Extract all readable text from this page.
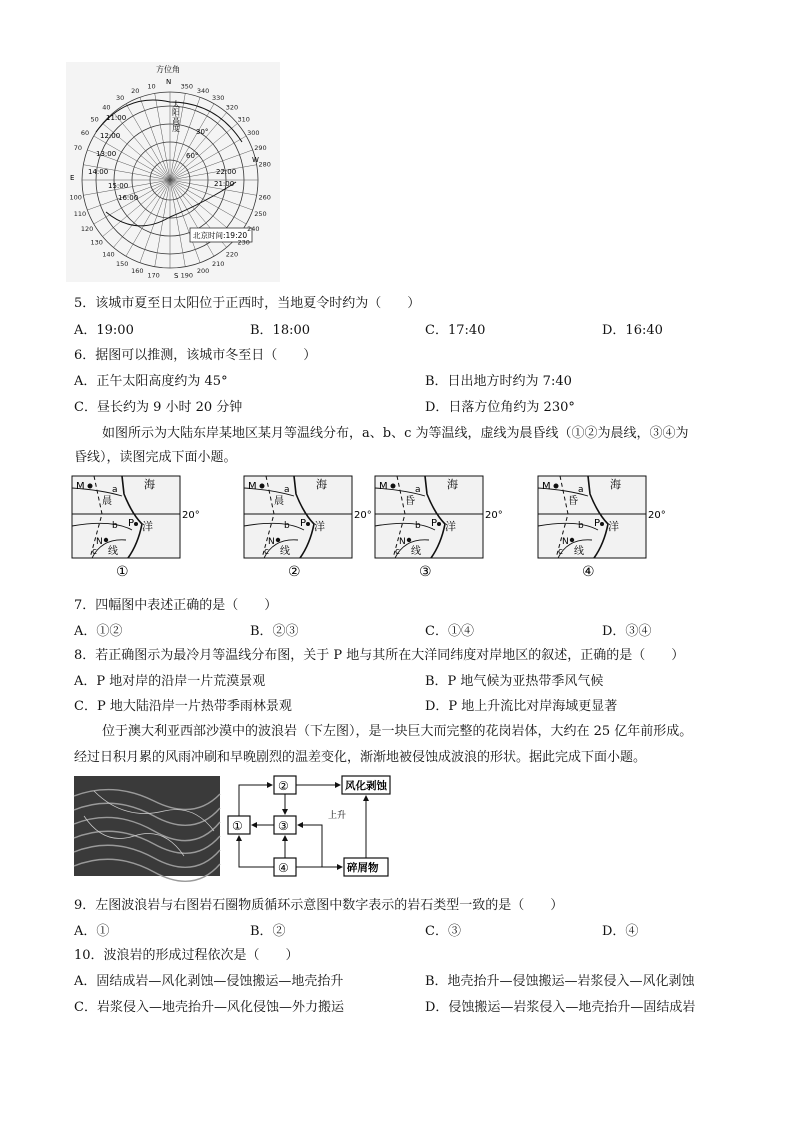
方位角
N
W
E
S
太阳高度 30°
60°
11:00
12:00
13:00
14:00
15:00
16:00
21:00
22:00
北京时间:19:20
350
340
330
320
310
300
10
20
30
40
50
60
70
100
110
120
130
140
150
160
170	190
200
210
220
230
240
250
260
280
290
5．该城市夏至日太阳位于正西时，当地夏令时约为（　　）
A．19:00	B．18:00	C．17:40	D．16:40
6．据图可以推测，该城市冬至日（　　）
A．正午太阳高度约为 45°	B．日出地方时约为 7:40
C．昼长约为 9 小时 20 分钟	D．日落方位角约为 230°
如图所示为大陆东岸某地区某月等温线分布，a、b、c 为等温线，虚线为晨昏线（①②为晨线，③④为
昏线），读图完成下面小题。
M	a
晨
海
洋
20°
P
b
N
c 线
①
M	a
晨
海
洋
20°
P
b
N
c 线
②
M	a
昏
海
洋
20°
P
b
N
c 线
③
M	a
昏
海
洋
20°
P
b
N
c 线
④
7．四幅图中表述正确的是（　　）
A．①②	B．②③	C．①④	D．③④
8．若正确图示为最冷月等温线分布图，关于 P 地与其所在大洋同纬度对岸地区的叙述，正确的是（　　）
A．P 地对岸的沿岸一片荒漠景观	B．P 地气候为亚热带季风气候
C．P 地大陆沿岸一片热带季雨林景观	D．P 地上升流比对岸海域更显著
位于澳大利亚西部沙漠中的波浪岩（下左图），是一块巨大而完整的花岗岩体，大约在 25 亿年前形成。
经过日积月累的风雨冲刷和早晚剧烈的温差变化，渐渐地被侵蚀成波浪的形状。据此完成下面小题。
②
①	③
④
风化剥蚀
碎屑物
上升
9．左图波浪岩与右图岩石圈物质循环示意图中数字表示的岩石类型一致的是（　　）
A．①	B．②	C．③	D．④
10．波浪岩的形成过程依次是（　　）
A．固结成岩—风化剥蚀—侵蚀搬运—地壳抬升	B．地壳抬升—侵蚀搬运—岩浆侵入—风化剥蚀
C．岩浆侵入—地壳抬升—风化侵蚀—外力搬运	D．侵蚀搬运—岩浆侵入—地壳抬升—固结成岩
